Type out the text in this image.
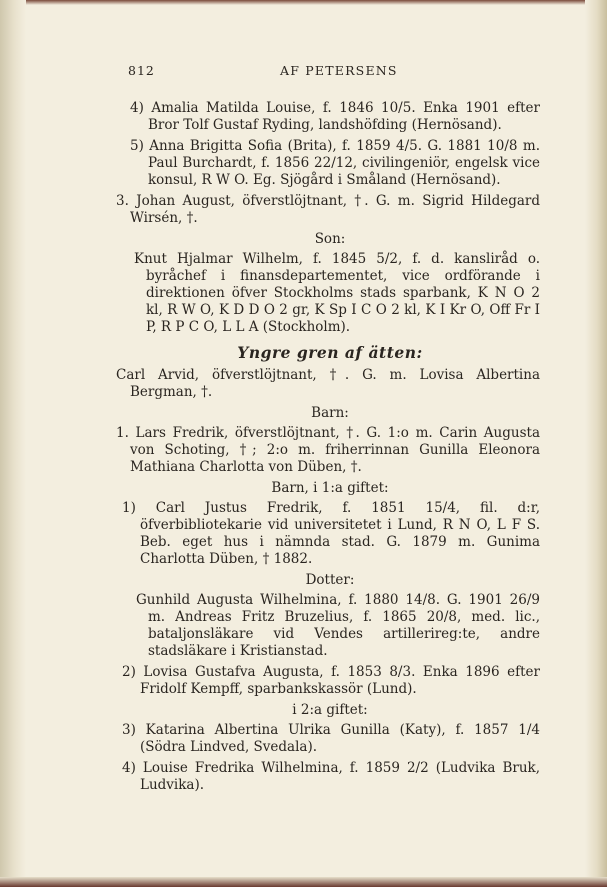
812	AF PETERSENS

4) Amalia Matilda Louise, f. 1846 10/5. Enka 1901 efter Bror Tolf Gustaf Ryding, landshöfding (Hernösand).

5) Anna Brigitta Sofia (Brita), f. 1859 4/5. G. 1881 10/8 m. Paul Burchardt, f. 1856 22/12, civilingeniör, engelsk vice konsul, R W O. Eg. Sjögård i Småland (Hernösand).

3. Johan August, öfverstlöjtnant, †. G. m. Sigrid Hildegard Wirsén, †.

Son:

Knut Hjalmar Wilhelm, f. 1845 5/2, f. d. kansliråd o. byråchef i finansdepartementet, vice ordförande i direktionen öfver Stockholms stads sparbank, K N O 2 kl, R W O, K D D O 2 gr, K Sp I C O 2 kl, K I Kr O, Off Fr I P, R P C O, L L A (Stockholm).

Yngre gren af ätten:

Carl Arvid, öfverstlöjtnant, †. G. m. Lovisa Albertina Bergman, †.

Barn:

1. Lars Fredrik, öfverstlöjtnant, †. G. 1:o m. Carin Augusta von Schoting, †; 2:o m. friherrinnan Gunilla Eleonora Mathiana Charlotta von Düben, †.

Barn, i 1:a giftet:

1) Carl Justus Fredrik, f. 1851 15/4, fil. d:r, öfverbibliotekarie vid universitetet i Lund, R N O, L F S. Beb. eget hus i nämnda stad. G. 1879 m. Gunima Charlotta Düben, † 1882.

Dotter:

Gunhild Augusta Wilhelmina, f. 1880 14/8. G. 1901 26/9 m. Andreas Fritz Bruzelius, f. 1865 20/8, med. lic., bataljonsläkare vid Vendes artillerireg:te, andre stadsläkare i Kristianstad.

2) Lovisa Gustafva Augusta, f. 1853 8/3. Enka 1896 efter Fridolf Kempff, sparbankskassör (Lund).

i 2:a giftet:

3) Katarina Albertina Ulrika Gunilla (Katy), f. 1857 1/4 (Södra Lindved, Svedala).

4) Louise Fredrika Wilhelmina, f. 1859 2/2 (Ludvika Bruk, Ludvika).
